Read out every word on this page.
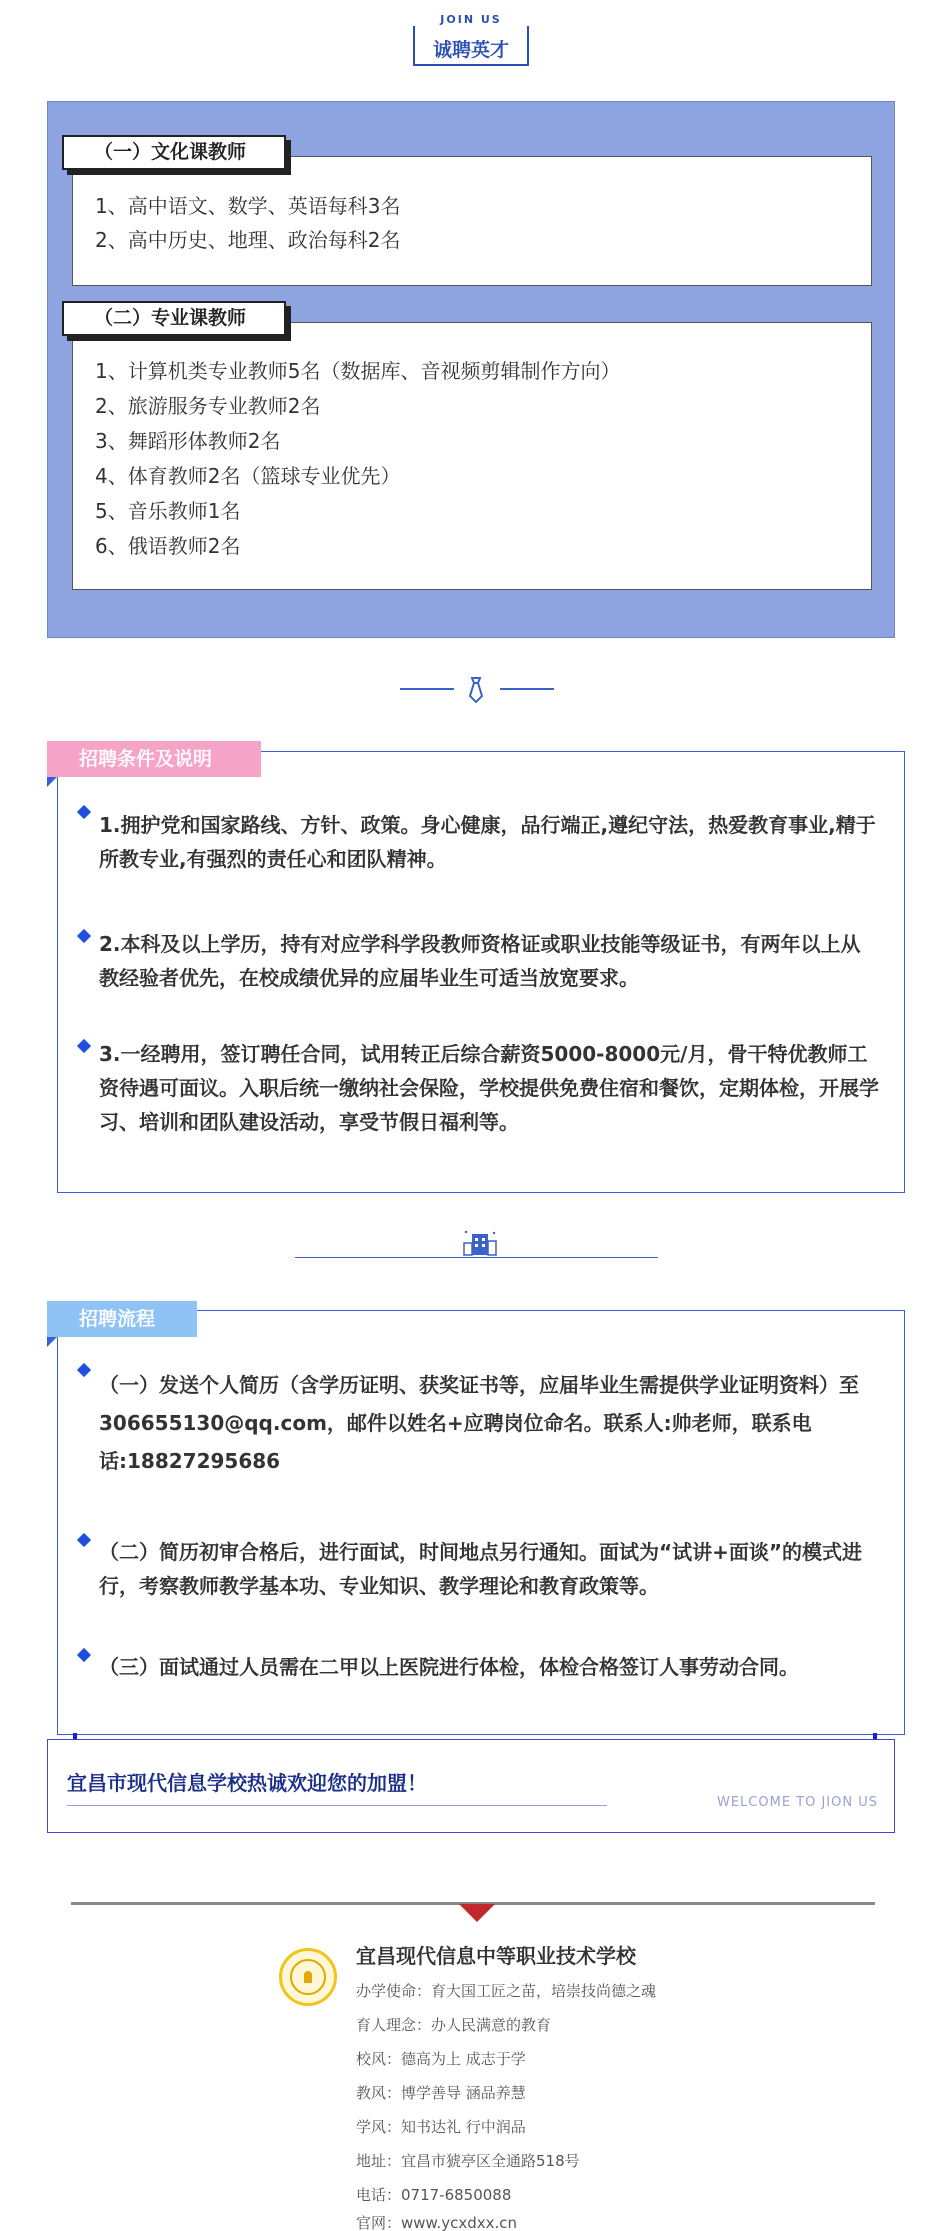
JOIN US
诚聘英才
1、高中语文、数学、英语每科3名
2、高中历史、地理、政治每科2名
（一）文化课教师
1、计算机类专业教师5名（数据库、音视频剪辑制作方向）
2、旅游服务专业教师2名
3、舞蹈形体教师2名
4、体育教师2名（篮球专业优先）
5、音乐教师1名
6、俄语教师2名
（二）专业课教师
招聘条件及说明
1.拥护党和国家路线、方针、政策。身心健康，品行端正,遵纪守法，热爱教育事业,精于所教专业,有强烈的责任心和团队精神。
2.本科及以上学历，持有对应学科学段教师资格证或职业技能等级证书，有两年以上从教经验者优先，在校成绩优异的应届毕业生可适当放宽要求。
3.一经聘用，签订聘任合同，试用转正后综合薪资5000-8000元/月，骨干特优教师工资待遇可面议。入职后统一缴纳社会保险，学校提供免费住宿和餐饮，定期体检，开展学习、培训和团队建设活动，享受节假日福利等。
招聘流程
（一）发送个人简历（含学历证明、获奖证书等，应届毕业生需提供学业证明资料）至306655130@qq.com，邮件以姓名+应聘岗位命名。联系人:帅老师，联系电话:18827295686
（二）简历初审合格后，进行面试，时间地点另行通知。面试为“试讲+面谈”的模式进行，考察教师教学基本功、专业知识、教学理论和教育政策等。
（三）面试通过人员需在二甲以上医院进行体检，体检合格签订人事劳动合同。
宜昌市现代信息学校热诚欢迎您的加盟！
WELCOME TO JION US
宜昌现代信息中等职业技术学校
办学使命：育大国工匠之苗，培崇技尚德之魂
育人理念：办人民满意的教育
校风：德高为上 成志于学
教风：博学善导 涵品养慧
学风：知书达礼 行中润品
地址：宜昌市猇亭区全通路518号
电话：0717-6850088
官网：www.ycxdxx.cn
